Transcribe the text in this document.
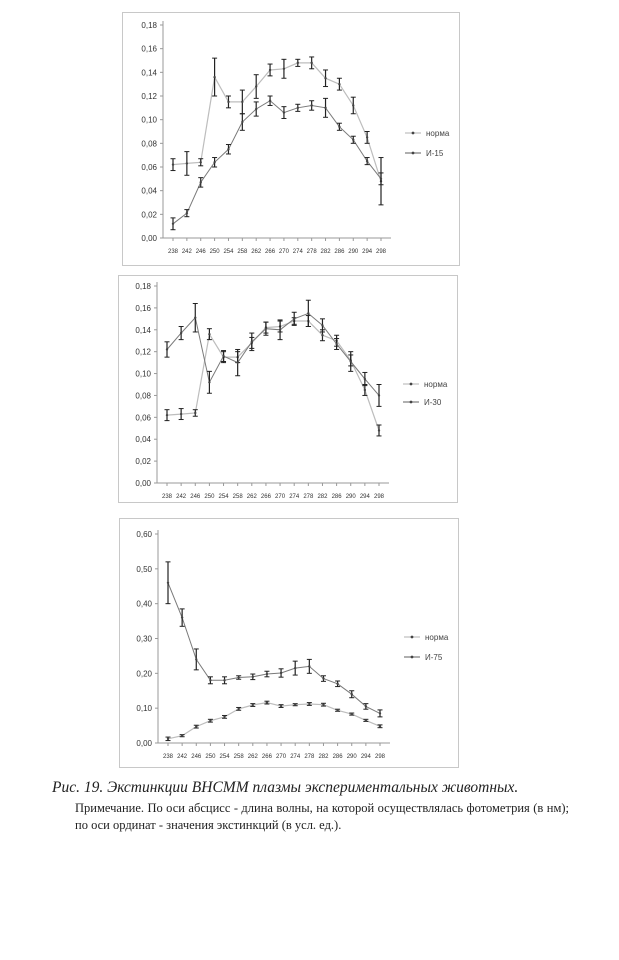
0,00
0,02
0,04
0,06
0,08
0,10
0,12
0,14
0,16
0,18
238 242 246 250 254 258 262 266 270 274 278 282 286 290 294 298
норма
И-15
0,00
0,02
0,04
0,06
0,08
0,10
0,12
0,14
0,16
0,18
238 242 246 250 254 258 262 266 270 274 278 282 286 290 294 298
норма
И-30
0,00
0,10
0,20
0,30
0,40
0,50
0,60
238 242 246 250 254 258 262 266 270 274 278 282 286 290 294 298
норма
И-75
Рис. 19. Экстинкции ВНСММ плазмы экспериментальных животных.
Примечание. По оси абсцисс - длина волны, на которой осуществлялась фотометрия (в нм); по оси ординат - значения экстинкций (в усл. ед.).
